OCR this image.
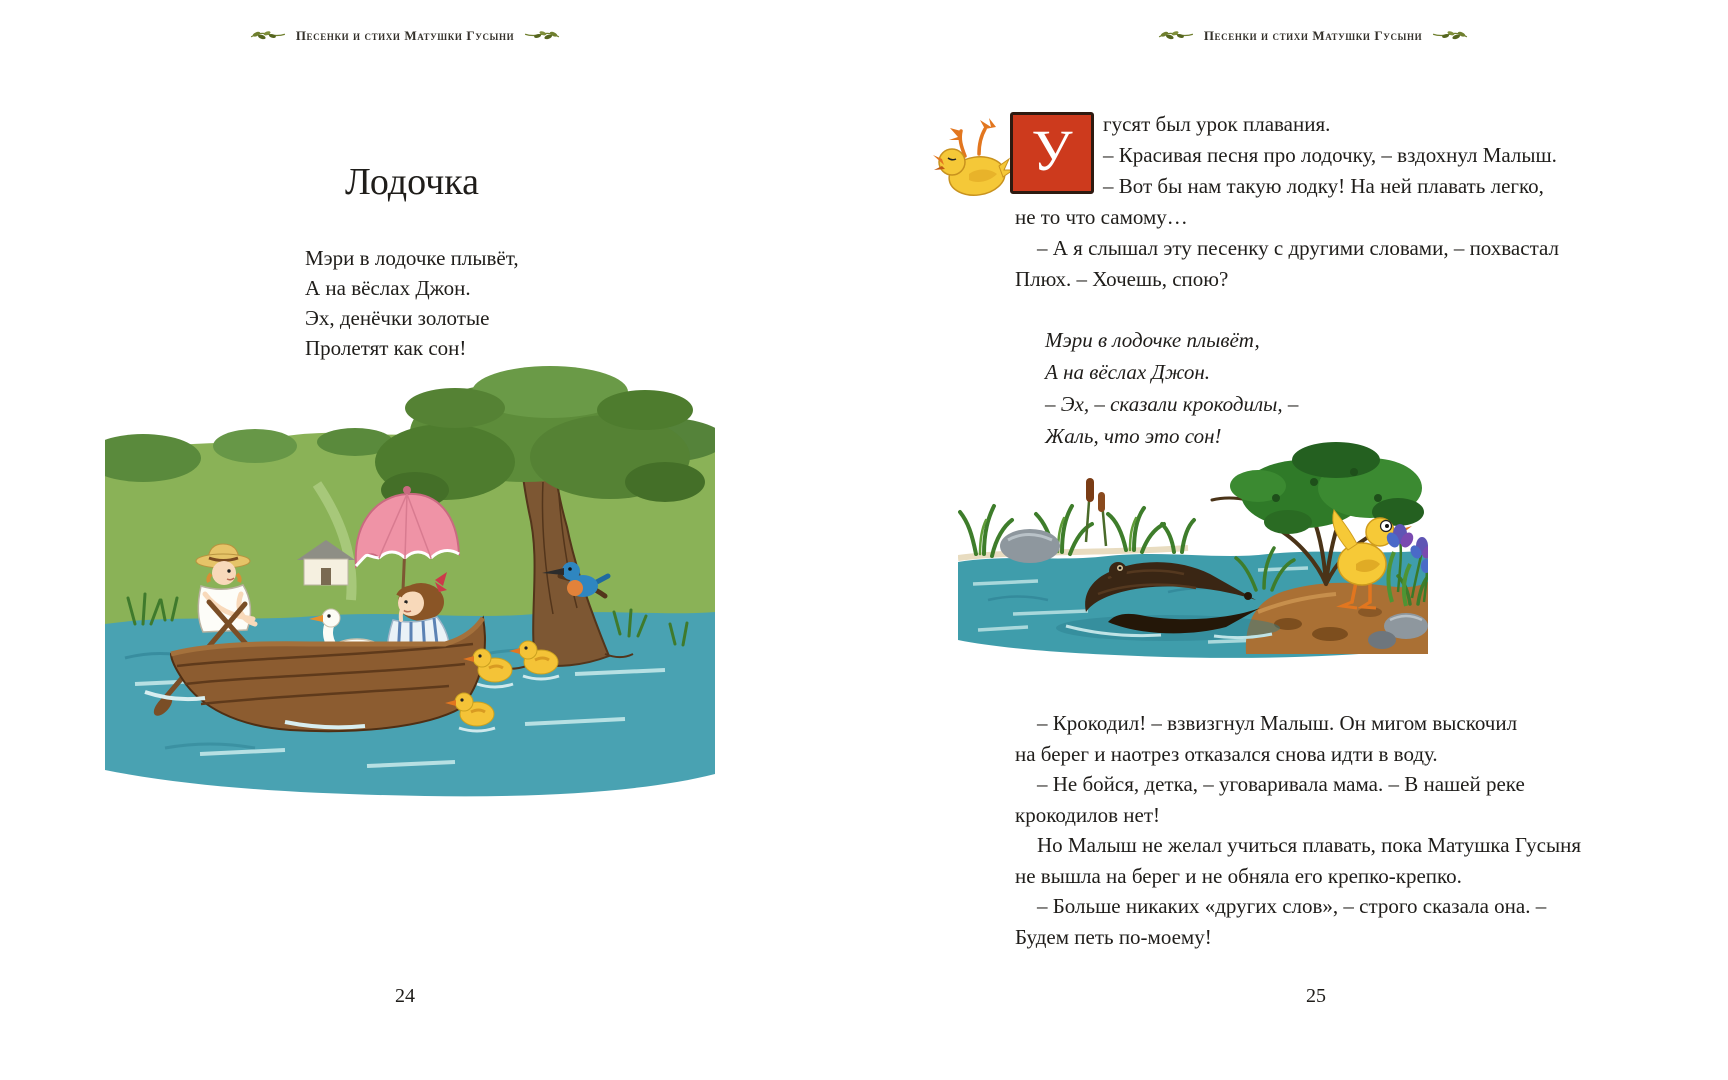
Песенки и стихи Матушки Гусыни
Лодочка
Мэри в лодочке плывёт,
А на вёслах Джон.
Эх, денёчки золотые
Пролетят как сон!
24
Песенки и стихи Матушки Гусыни
У гусят был урок плавания.
– Красивая песня про лодочку, – вздохнул Малыш.
– Вот бы нам такую лодку! На ней плавать легко,
не то что самому…
– А я слышал эту песенку с другими словами, – похвастал
Плюх. – Хочешь, спою?
Мэри в лодочке плывёт,
А на вёслах Джон.
– Эх, – сказали крокодилы, –
Жаль, что это сон!
– Крокодил! – взвизгнул Малыш. Он мигом выскочил
на берег и наотрез отказался снова идти в воду.
– Не бойся, детка, – уговаривала мама. – В нашей реке
крокодилов нет!
Но Малыш не желал учиться плавать, пока Матушка Гусыня
не вышла на берег и не обняла его крепко-крепко.
– Больше никаких «других слов», – строго сказала она. –
Будем петь по-моему!
25
